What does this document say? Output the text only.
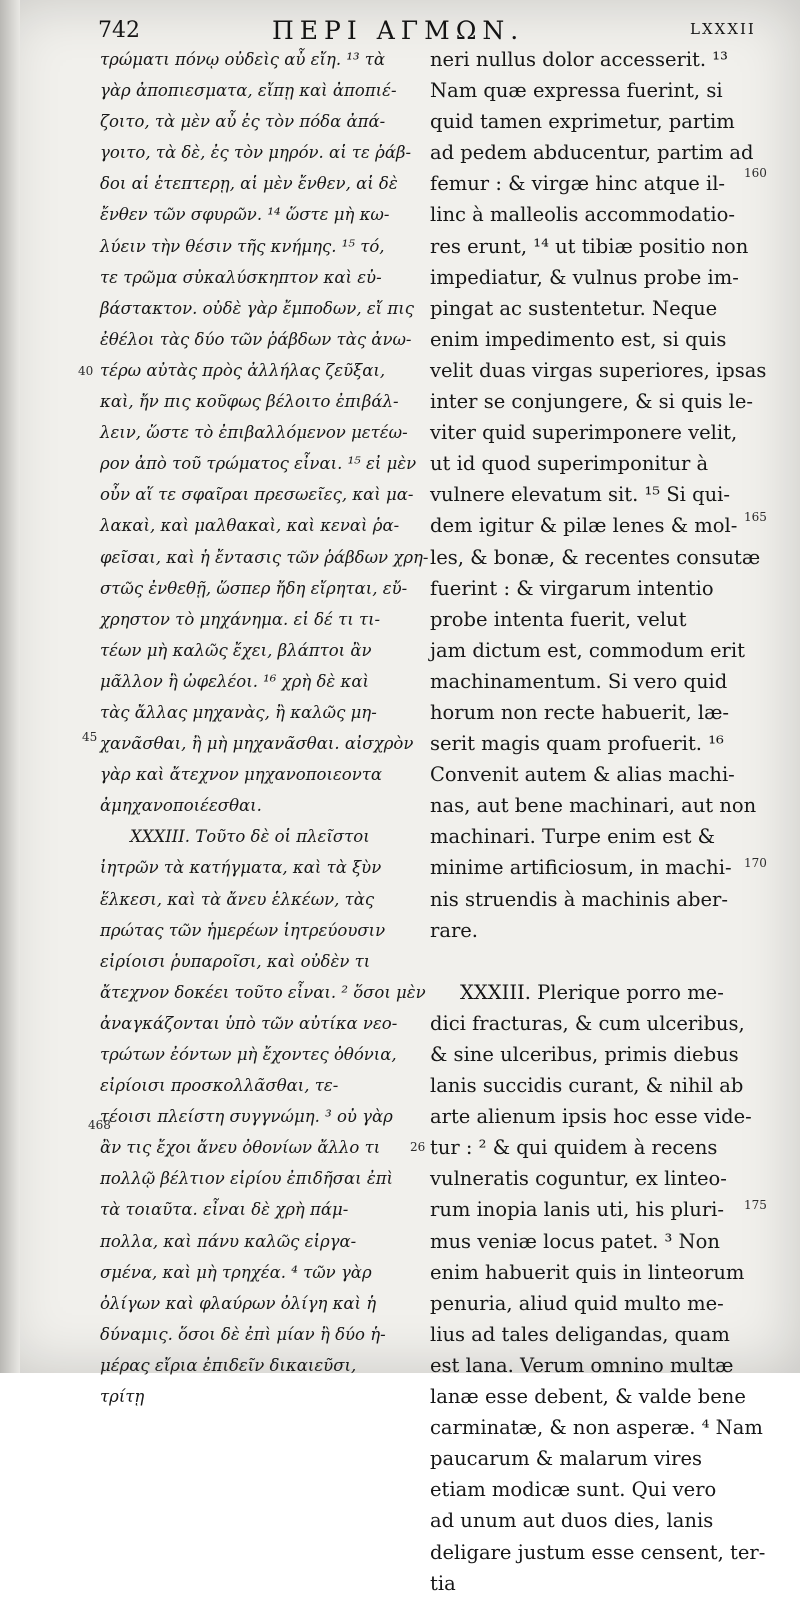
742	ΠΕΡΙ ΑΓΜΩΝ.	LXXXII
τρώματι πόνῳ οὐδεὶς αὖ εἴη. ¹³ τὰ
γὰρ ἀποπιεσματα, εἴπῃ καὶ ἀποπιέ-
ζοιτο, τὰ μὲν αὖ ἐς τὸν πόδα ἀπά-
γοιτο, τὰ δὲ, ἐς τὸν μηρόν. αἱ τε ῥάβ-
δοι αἱ ἑτεπτερῃ, αἱ μὲν ἔνθεν, αἱ δὲ
ἔνθεν τῶν σφυρῶν. ¹⁴ ὥστε μὴ κω-
λύειν τὴν θέσιν τῆς κνήμης. ¹⁵ τό,
τε τρῶμα σὐκαλύσκηπτον καὶ εὐ-
βάστακτον. οὐδὲ γὰρ ἔμποδων, εἴ πις
ἐθέλοι τὰς δύο τῶν ῥάβδων τὰς ἀνω-
τέρω αὐτὰς πρὸς ἀλλήλας ζεῦξαι,
καὶ, ἤν πις κοῦφως βέλοιτο ἐπιβάλ-
λειν, ὥστε τὸ ἐπιβαλλόμενον μετέω-
ρον ἀπὸ τοῦ τρώματος εἶναι. ¹⁵ εἰ μὲν
οὖν αἵ τε σφαῖραι πρεσωεῖες, καὶ μα-
λακαὶ, καὶ μαλθακαὶ, καὶ κεναὶ ῥα-
φεῖσαι, καὶ ἡ ἔντασις τῶν ῥάβδων χρη-
στῶς ἐνθεθῇ, ὥσπερ ἤδη εἴρηται, εὔ-
χρηστον τὸ μηχάνημα. εἰ δέ τι τι-
τέων μὴ καλῶς ἔχει, βλάπτοι ἂν
μᾶλλον ἢ ὠφελέοι. ¹⁶ χρὴ δὲ καὶ
τὰς ἄλλας μηχανὰς, ἢ καλῶς μη-
χανᾶσθαι, ἢ μὴ μηχανᾶσθαι. αἰσχρὸν
γὰρ καὶ ἄτεχνον μηχανοποιεοντα
ἀμηχανοποιέεσθαι.
XXXIII. Τοῦτο δὲ οἱ πλεῖστοι
ἰητρῶν τὰ κατήγματα, καὶ τὰ ξὺν
ἕλκεσι, καὶ τὰ ἄνευ ἑλκέων, τὰς
πρώτας τῶν ἡμερέων ἰητρεύουσιν
εἰρίοισι ῥυπαροῖσι, καὶ οὐδὲν τι
ἄτεχνον δοκέει τοῦτο εἶναι. ² ὅσοι μὲν
ἀναγκάζονται ὑπὸ τῶν αὐτίκα νεο-
τρώτων ἐόντων μὴ ἔχοντες ὀθόνια,
εἰρίοισι προσκολλᾶσθαι, τε-
τέοισι πλείστη συγγνώμη. ³ οὐ γὰρ
ἂν τις ἔχοι ἄνευ ὀθονίων ἄλλο τι
πολλῷ βέλτιον εἰρίου ἐπιδῆσαι ἐπὶ
τὰ τοιαῦτα. εἶναι δὲ χρὴ πάμ-
πολλα, καὶ πάνυ καλῶς εἰργα-
σμένα, καὶ μὴ τρηχέα. ⁴ τῶν γὰρ
ὀλίγων καὶ φλαύρων ὀλίγη καὶ ἡ
δύναμις. ὅσοι δὲ ἐπὶ μίαν ἢ δύο ἡ-
μέρας εἴρια ἐπιδεῖν δικαιεῦσι,
τρίτῃ
neri nullus dolor accesserit. ¹³
Nam quæ expressa fuerint, si
quid tamen exprimetur, partim
ad pedem abducentur, partim ad
femur : & virgæ hinc atque il-
linc à malleolis accommodatio-
res erunt, ¹⁴ ut tibiæ positio non
impediatur, & vulnus probe im-
pingat ac sustentetur. Neque
enim impedimento est, si quis
velit duas virgas superiores, ipsas
inter se conjungere, & si quis le-
viter quid superimponere velit,
ut id quod superimponitur à
vulnere elevatum sit. ¹⁵ Si qui-
dem igitur & pilæ lenes & mol-
les, & bonæ, & recentes consutæ
fuerint : & virgarum intentio
probe intenta fuerit, velut
jam dictum est, commodum erit
machinamentum. Si vero quid
horum non recte habuerit, læ-
serit magis quam profuerit. ¹⁶
Convenit autem & alias machi-
nas, aut bene machinari, aut non
machinari. Turpe enim est &
minime artificiosum, in machi-
nis struendis à machinis aber-
rare.
XXXIII. Plerique porro me-
dici fracturas, & cum ulceribus,
& sine ulceribus, primis diebus
lanis succidis curant, & nihil ab
arte alienum ipsis hoc esse vide-
tur : ² & qui quidem à recens
vulneratis coguntur, ex linteo-
rum inopia lanis uti, his pluri-
mus veniæ locus patet. ³ Non
enim habuerit quis in linteorum
penuria, aliud quid multo me-
lius ad tales deligandas, quam
est lana. Verum omnino multæ
lanæ esse debent, & valde bene
carminatæ, & non asperæ. ⁴ Nam
paucarum & malarum vires
etiam modicæ sunt. Qui vero
ad unum aut duos dies, lanis
deligare justum esse censent, ter-
tia
40
45
468
26
160
165
170
175
